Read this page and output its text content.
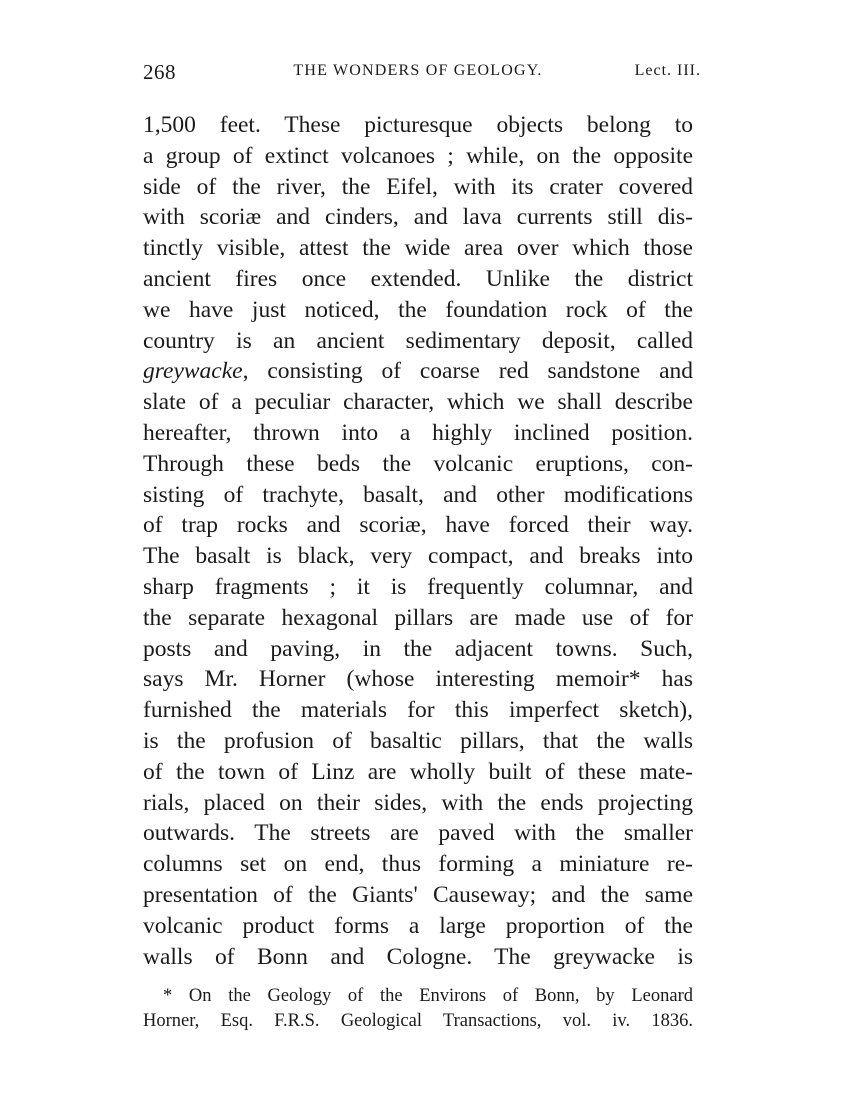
268	THE WONDERS OF GEOLOGY.	Lect. III.
1,500 feet. These picturesque objects belong to
a group of extinct volcanoes ; while, on the opposite
side of the river, the Eifel, with its crater covered
with scoriæ and cinders, and lava currents still dis-
tinctly visible, attest the wide area over which those
ancient fires once extended. Unlike the district
we have just noticed, the foundation rock of the
country is an ancient sedimentary deposit, called
greywacke, consisting of coarse red sandstone and
slate of a peculiar character, which we shall describe
hereafter, thrown into a highly inclined position.
Through these beds the volcanic eruptions, con-
sisting of trachyte, basalt, and other modifications
of trap rocks and scoriæ, have forced their way.
The basalt is black, very compact, and breaks into
sharp fragments ; it is frequently columnar, and
the separate hexagonal pillars are made use of for
posts and paving, in the adjacent towns. Such,
says Mr. Horner (whose interesting memoir* has
furnished the materials for this imperfect sketch),
is the profusion of basaltic pillars, that the walls
of the town of Linz are wholly built of these mate-
rials, placed on their sides, with the ends projecting
outwards. The streets are paved with the smaller
columns set on end, thus forming a miniature re-
presentation of the Giants' Causeway; and the same
volcanic product forms a large proportion of the
walls of Bonn and Cologne. The greywacke is
* On the Geology of the Environs of Bonn, by Leonard
Horner, Esq. F.R.S. Geological Transactions, vol. iv. 1836.
